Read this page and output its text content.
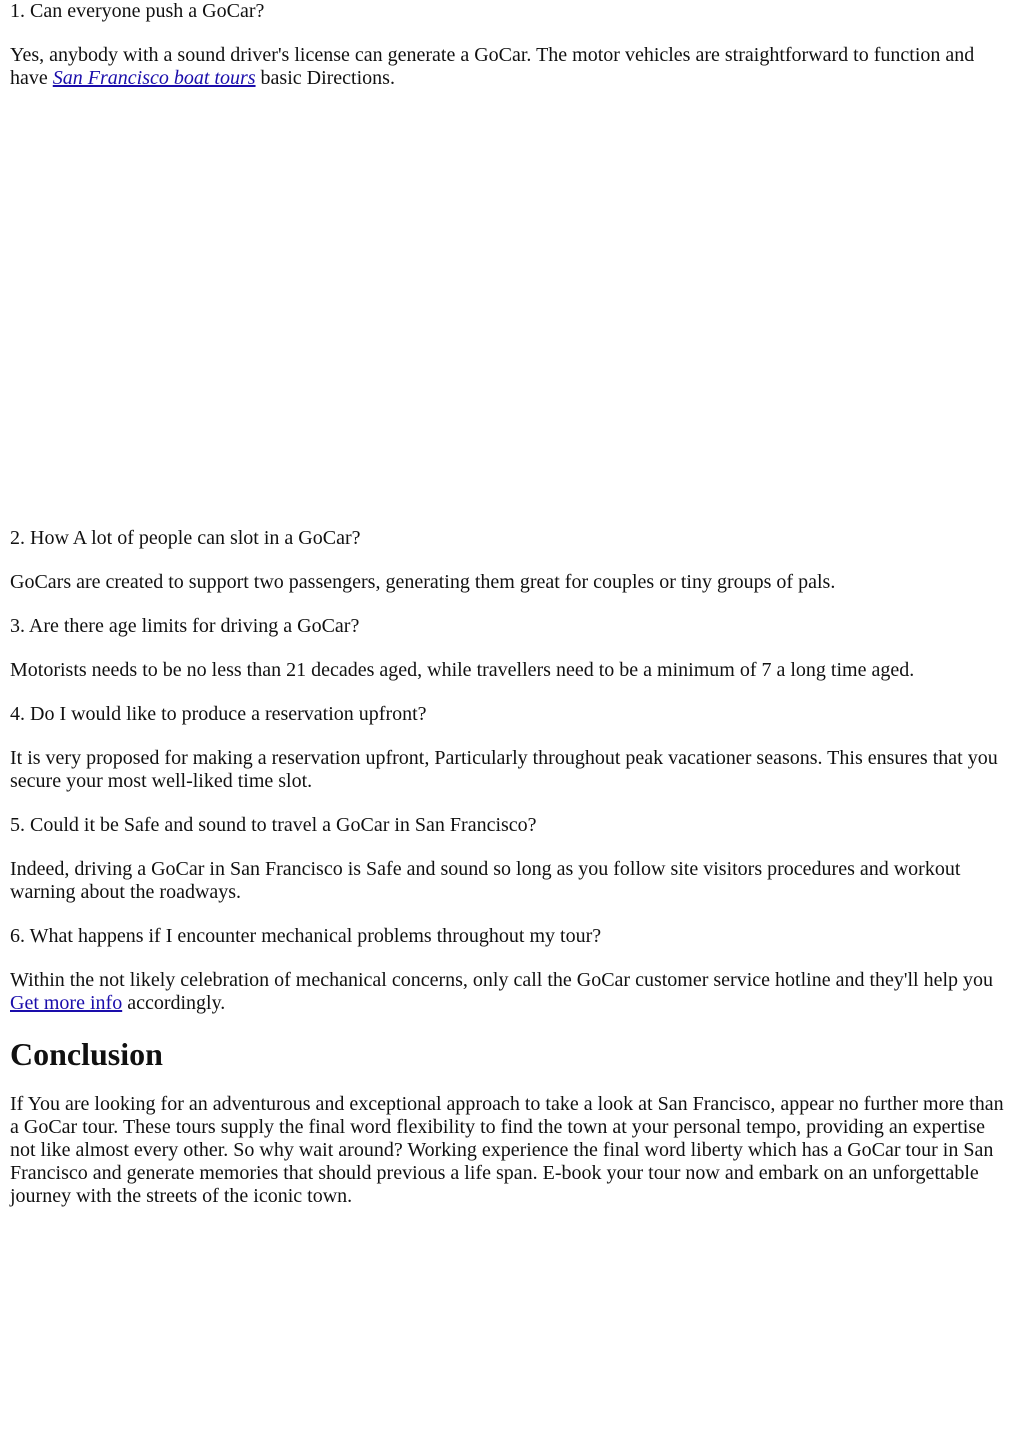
1. Can everyone push a GoCar?

Yes, anybody with a sound driver's license can generate a GoCar. The motor vehicles are straightforward to function and have San Francisco boat tours basic Directions.

2. How A lot of people can slot in a GoCar?

GoCars are created to support two passengers, generating them great for couples or tiny groups of pals.

3. Are there age limits for driving a GoCar?

Motorists needs to be no less than 21 decades aged, while travellers need to be a minimum of 7 a long time aged.

4. Do I would like to produce a reservation upfront?

It is very proposed for making a reservation upfront, Particularly throughout peak vacationer seasons. This ensures that you secure your most well-liked time slot.

5. Could it be Safe and sound to travel a GoCar in San Francisco?

Indeed, driving a GoCar in San Francisco is Safe and sound so long as you follow site visitors procedures and workout warning about the roadways.

6. What happens if I encounter mechanical problems throughout my tour?

Within the not likely celebration of mechanical concerns, only call the GoCar customer service hotline and they'll help you Get more info accordingly.

Conclusion

If You are looking for an adventurous and exceptional approach to take a look at San Francisco, appear no further more than a GoCar tour. These tours supply the final word flexibility to find the town at your personal tempo, providing an expertise not like almost every other. So why wait around? Working experience the final word liberty which has a GoCar tour in San Francisco and generate memories that should previous a life span. E-book your tour now and embark on an unforgettable journey with the streets of the iconic town.
